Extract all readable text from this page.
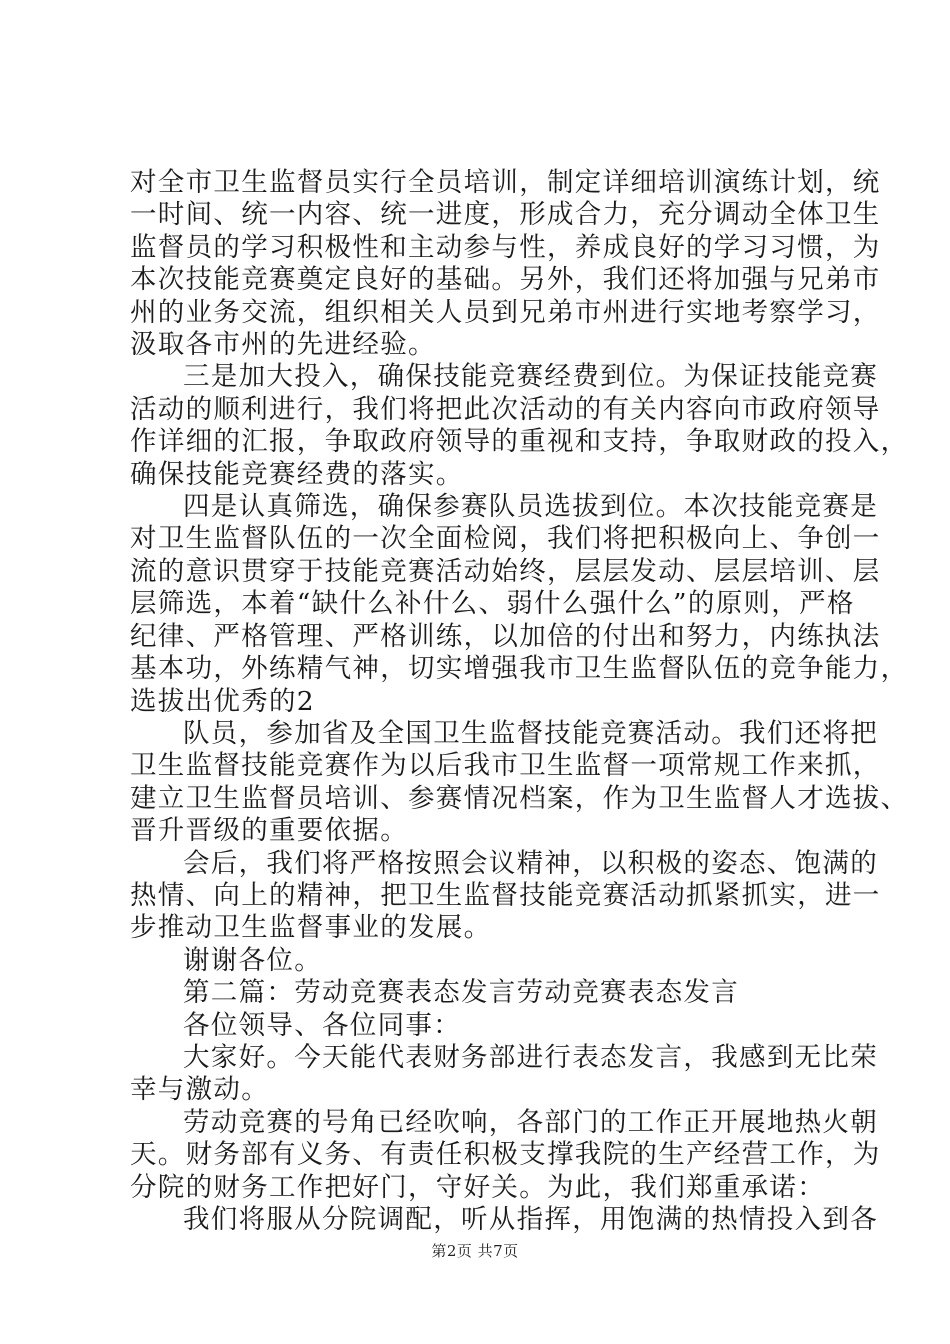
对全市卫生监督员实行全员培训，制定详细培训演练计划，统

一时间、统一内容、统一进度，形成合力，充分调动全体卫生

监督员的学习积极性和主动参与性，养成良好的学习习惯，为

本次技能竞赛奠定良好的基础。另外，我们还将加强与兄弟市

州的业务交流，组织相关人员到兄弟市州进行实地考察学习，

汲取各市州的先进经验。

三是加大投入，确保技能竞赛经费到位。为保证技能竞赛

活动的顺利进行，我们将把此次活动的有关内容向市政府领导

作详细的汇报，争取政府领导的重视和支持，争取财政的投入，

确保技能竞赛经费的落实。

四是认真筛选，确保参赛队员选拔到位。本次技能竞赛是

对卫生监督队伍的一次全面检阅，我们将把积极向上、争创一

流的意识贯穿于技能竞赛活动始终，层层发动、层层培训、层

层筛选，本着“缺什么补什么、弱什么强什么”的原则，严格

纪律、严格管理、严格训练，以加倍的付出和努力，内练执法

基本功，外练精气神，切实增强我市卫生监督队伍的竞争能力，

选拔出优秀的2

队员，参加省及全国卫生监督技能竞赛活动。我们还将把

卫生监督技能竞赛作为以后我市卫生监督一项常规工作来抓，

建立卫生监督员培训、参赛情况档案，作为卫生监督人才选拔、

晋升晋级的重要依据。

会后，我们将严格按照会议精神，以积极的姿态、饱满的

热情、向上的精神，把卫生监督技能竞赛活动抓紧抓实，进一

步推动卫生监督事业的发展。

谢谢各位。

第二篇：劳动竞赛表态发言劳动竞赛表态发言

各位领导、各位同事：

大家好。今天能代表财务部进行表态发言，我感到无比荣

幸与激动。

劳动竞赛的号角已经吹响，各部门的工作正开展地热火朝

天。财务部有义务、有责任积极支撑我院的生产经营工作，为

分院的财务工作把好门，守好关。为此，我们郑重承诺：

我们将服从分院调配，听从指挥，用饱满的热情投入到各

第2页 共7页
